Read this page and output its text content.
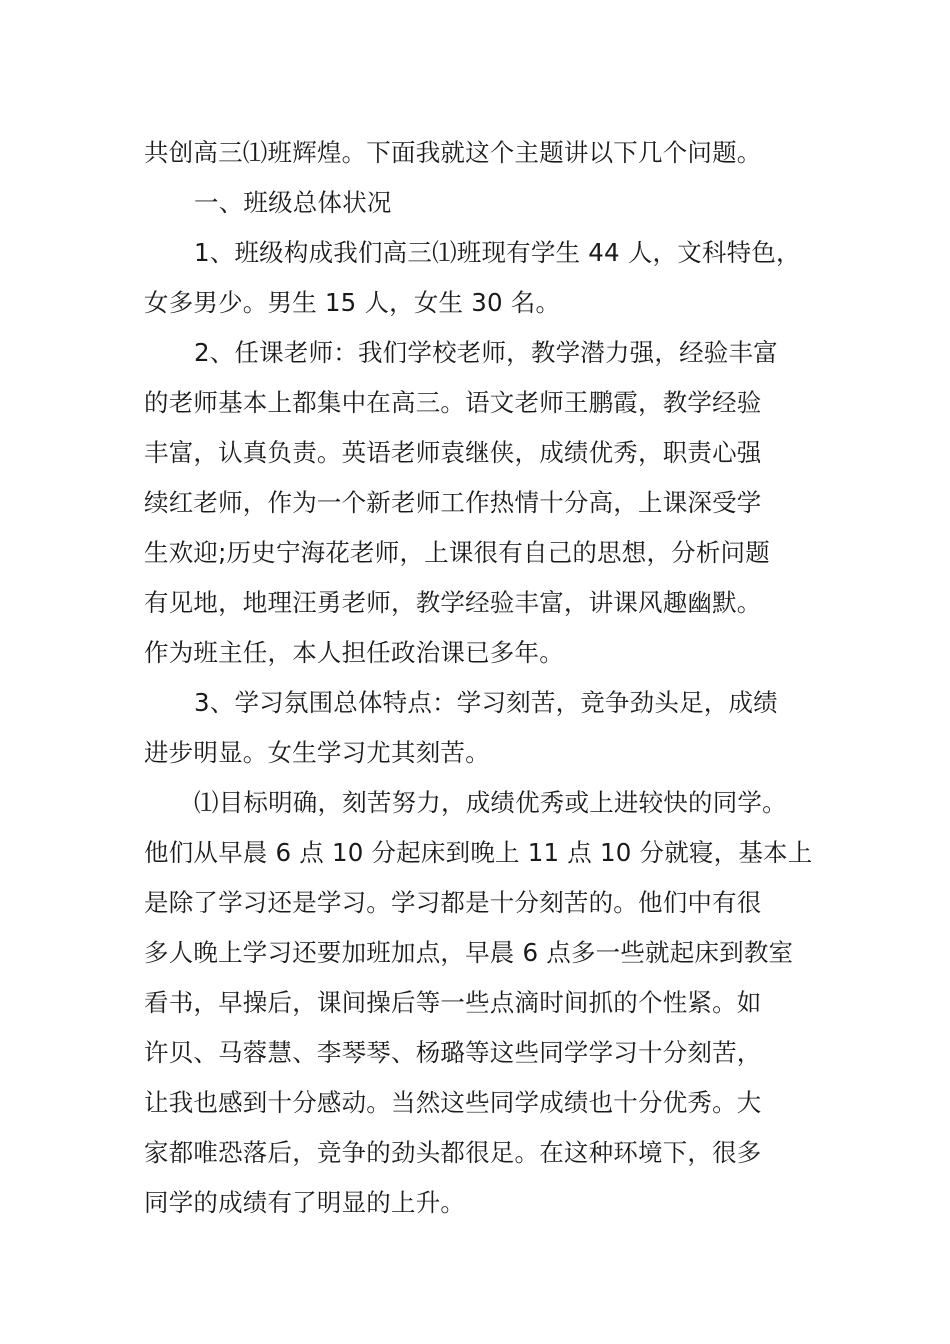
共创高三⑴班辉煌。下面我就这个主题讲以下几个问题。
一、班级总体状况
1、班级构成我们高三⑴班现有学生 44 人，文科特色，
女多男少。男生 15 人，女生 30 名。
2、任课老师：我们学校老师，教学潜力强，经验丰富
的老师基本上都集中在高三。语文老师王鹏霞，教学经验
丰富，认真负责。英语老师袁继侠，成绩优秀，职责心强
续红老师，作为一个新老师工作热情十分高，上课深受学
生欢迎;历史宁海花老师，上课很有自己的思想，分析问题
有见地，地理汪勇老师，教学经验丰富，讲课风趣幽默。
作为班主任，本人担任政治课已多年。
3、学习氛围总体特点：学习刻苦，竞争劲头足，成绩
进步明显。女生学习尤其刻苦。
⑴目标明确，刻苦努力，成绩优秀或上进较快的同学。
他们从早晨 6 点 10 分起床到晚上 11 点 10 分就寝，基本上
是除了学习还是学习。学习都是十分刻苦的。他们中有很
多人晚上学习还要加班加点，早晨 6 点多一些就起床到教室
看书，早操后，课间操后等一些点滴时间抓的个性紧。如
许贝、马蓉慧、李琴琴、杨璐等这些同学学习十分刻苦，
让我也感到十分感动。当然这些同学成绩也十分优秀。大
家都唯恐落后，竞争的劲头都很足。在这种环境下，很多
同学的成绩有了明显的上升。
